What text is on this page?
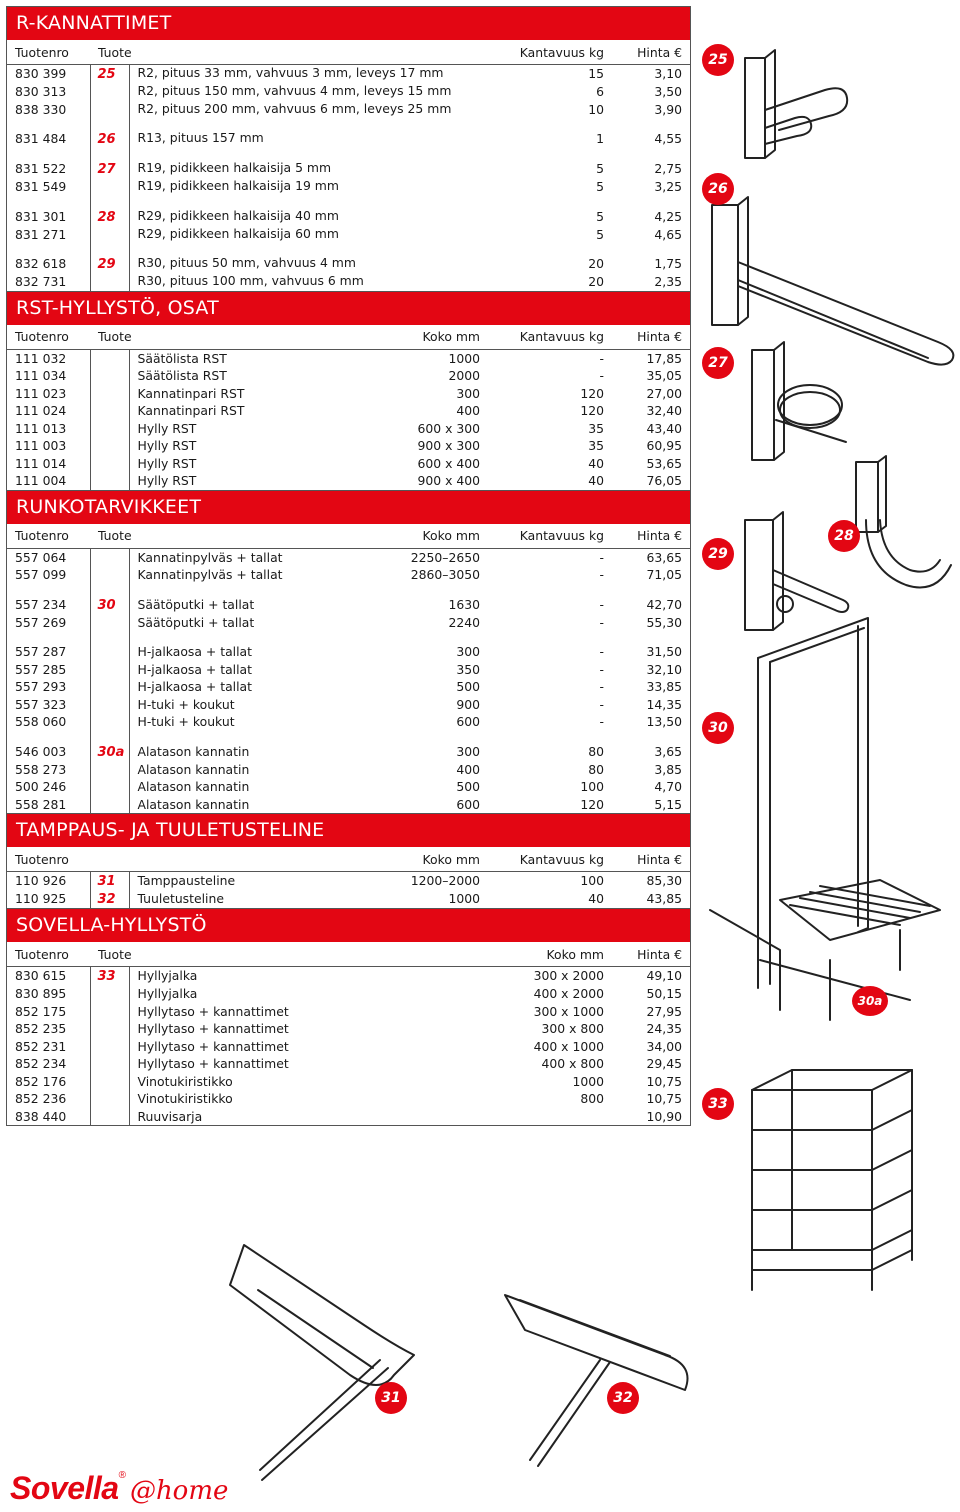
R-KANNATTIMET
Tuotenro	Tuote		Kantavuus kg	Hinta €
830 399	25	R2, pituus 33 mm, vahvuus 3 mm, leveys 17 mm	15	3,10
830 313		R2, pituus 150 mm, vahvuus 4 mm, leveys 15 mm	6	3,50
838 330		R2, pituus 200 mm, vahvuus 6 mm, leveys 25 mm	10	3,90

831 484	26	R13, pituus 157 mm	1	4,55

831 522	27	R19, pidikkeen halkaisija 5 mm	5	2,75
831 549		R19, pidikkeen halkaisija 19 mm	5	3,25

831 301	28	R29, pidikkeen halkaisija 40 mm	5	4,25
831 271		R29, pidikkeen halkaisija 60 mm	5	4,65

832 618	29	R30, pituus 50 mm, vahvuus 4 mm	20	1,75
832 731		R30, pituus 100 mm, vahvuus 6 mm	20	2,35
RST-HYLLYSTÖ, OSAT
Tuotenro	Tuote		Koko mm	Kantavuus kg	Hinta €
111 032		Säätölista RST	1000	-	17,85
111 034		Säätölista RST	2000	-	35,05
111 023		Kannatinpari RST	300	120	27,00
111 024		Kannatinpari RST	400	120	32,40
111 013		Hylly RST	600 x 300	35	43,40
111 003		Hylly RST	900 x 300	35	60,95
111 014		Hylly RST	600 x 400	40	53,65
111 004		Hylly RST	900 x 400	40	76,05
RUNKOTARVIKKEET
Tuotenro	Tuote		Koko mm	Kantavuus kg	Hinta €
557 064		Kannatinpylväs + tallat	2250–2650	-	63,65
557 099		Kannatinpylväs + tallat	2860–3050	-	71,05

557 234	30	Säätöputki + tallat	1630	-	42,70
557 269		Säätöputki + tallat	2240	-	55,30

557 287		H-jalkaosa + tallat	300	-	31,50
557 285		H-jalkaosa + tallat	350	-	32,10
557 293		H-jalkaosa + tallat	500	-	33,85
557 323		H-tuki + koukut	900	-	14,35
558 060		H-tuki + koukut	600	-	13,50

546 003	30a	Alatason kannatin	300	80	3,65
558 273		Alatason kannatin	400	80	3,85
500 246		Alatason kannatin	500	100	4,70
558 281		Alatason kannatin	600	120	5,15
TAMPPAUS- JA TUULETUSTELINE
Tuotenro			Koko mm	Kantavuus kg	Hinta €
110 926	31	Tamppausteline	1200–2000	100	85,30
110 925	32	Tuuletusteline	1000	40	43,85
SOVELLA-HYLLYSTÖ
Tuotenro	Tuote		Koko mm	Hinta €
830 615	33	Hyllyjalka	300 x 2000	49,10
830 895		Hyllyjalka	400 x 2000	50,15
852 175		Hyllytaso + kannattimet	300 x 1000	27,95
852 235		Hyllytaso + kannattimet	300 x 800	24,35
852 231		Hyllytaso + kannattimet	400 x 1000	34,00
852 234		Hyllytaso + kannattimet	400 x 800	29,45
852 176		Vinotukiristikko	1000	10,75
852 236		Vinotukiristikko	800	10,75
838 440		Ruuvisarja		10,90
25
26
27
28
29
30
30a
31	32
33
Sovella®@home
